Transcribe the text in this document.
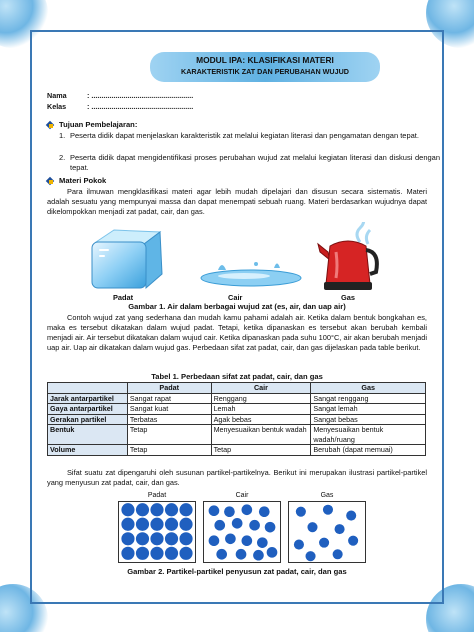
MODUL IPA: KLASIFIKASI MATERI
KARAKTERISTIK ZAT DAN PERUBAHAN WUJUD
Nama	: ...................................................
Kelas	: ...................................................
Tujuan Pembelajaran:
1. Peserta didik dapat menjelaskan karakteristik zat melalui kegiatan literasi dan pengamatan dengan tepat.
2. Peserta didik dapat mengidentifikasi proses perubahan wujud zat melalui kegiatan literasi dan diskusi dengan tepat.
Materi Pokok
Para ilmuwan mengklasifikasi materi agar lebih mudah dipelajari dan disusun secara sistematis. Materi adalah sesuatu yang mempunyai massa dan dapat menempati sebuah ruang. Materi berdasarkan wujudnya dapat dikelompokkan menjadi zat padat, cair, dan gas.
Padat	Cair	Gas
Gambar 1. Air dalam berbagai wujud zat (es, air, dan uap air)
Contoh wujud zat yang sederhana dan mudah kamu pahami adalah air. Ketika dalam bentuk bongkahan es, maka es tersebut dikatakan dalam wujud padat. Tetapi, ketika dipanaskan es tersebut akan berubah kembali menjadi air. Air tersebut dikatakan dalam wujud cair. Ketika dipanaskan pada suhu 100°C, air akan berubah menjadi uap air. Uap air dikatakan dalam wujud gas. Perbedaan sifat zat padat, cair, dan gas dijelaskan pada table berikut.
Tabel 1. Perbedaan sifat zat padat, cair, dan gas
	Padat	Cair	Gas
Jarak antarpartikel	Sangat rapat	Renggang	Sangat renggang
Gaya antarpartikel	Sangat kuat	Lemah	Sangat lemah
Gerakan partikel	Terbatas	Agak bebas	Sangat bebas
Bentuk	Tetap	Menyesuaikan bentuk wadah	Menyesuaikan bentuk wadah/ruang
Volume	Tetap	Tetap	Berubah (dapat memuai)
Sifat suatu zat dipengaruhi oleh susunan partikel-partikelnya. Berikut ini merupakan ilustrasi partikel-partikel yang menyusun zat padat, cair, dan gas.
Padat	Cair	Gas
Gambar 2. Partikel-partikel penyusun zat padat, cair, dan gas
